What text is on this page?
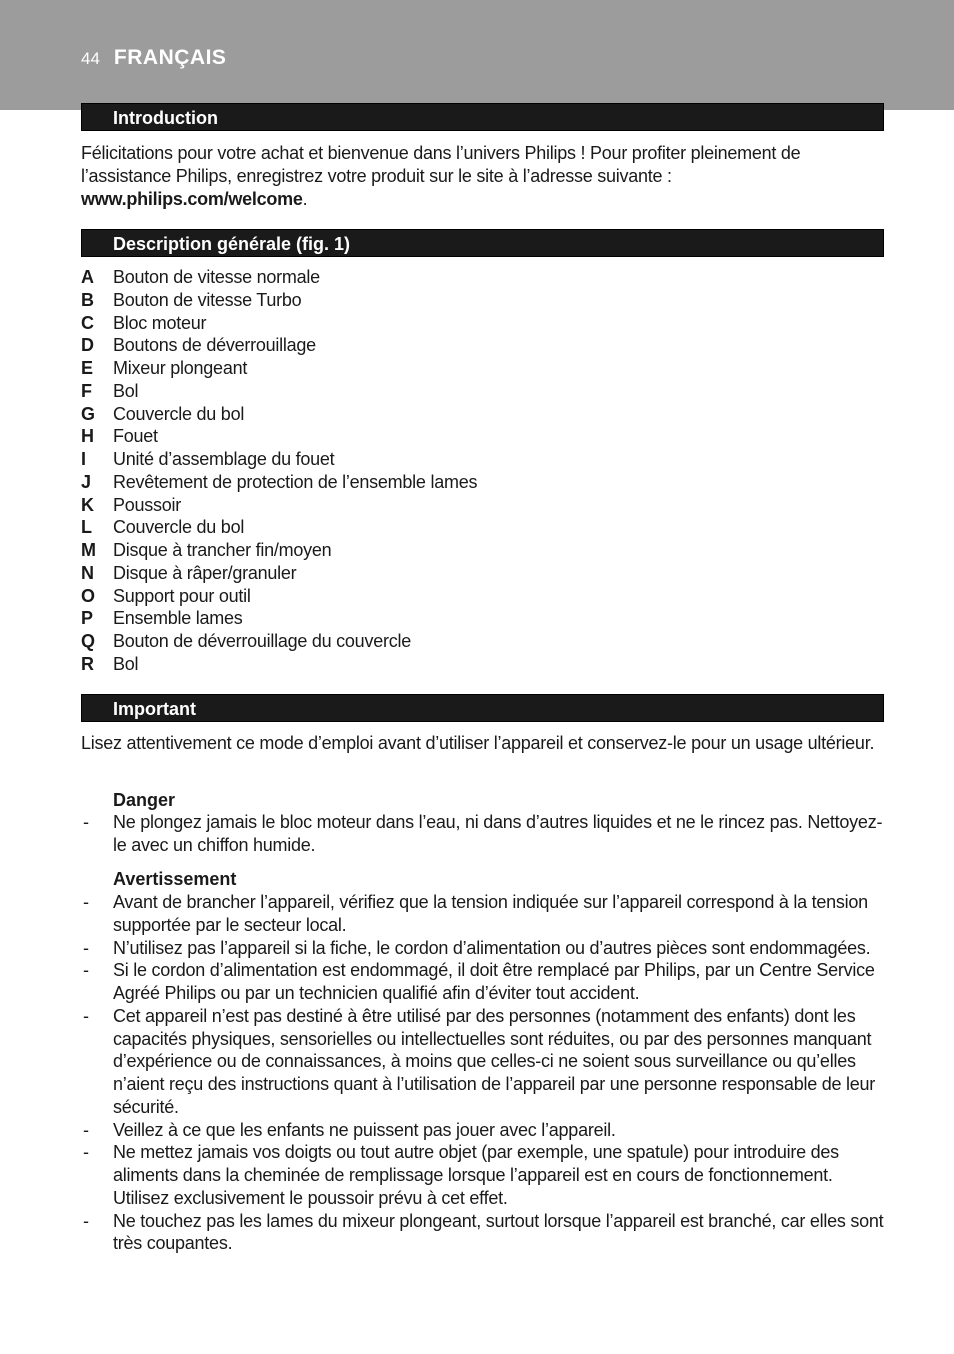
44 FRANÇAIS
Introduction
Félicitations pour votre achat et bienvenue dans l’univers Philips ! Pour profiter pleinement de l’assistance Philips, enregistrez votre produit sur le site à l’adresse suivante : www.philips.com/welcome.
Description générale (fig. 1)
A	Bouton de vitesse normale
B	Bouton de vitesse Turbo
C	Bloc moteur
D	Boutons de déverrouillage
E	Mixeur plongeant
F	Bol
G	Couvercle du bol
H	Fouet
I	Unité d’assemblage du fouet
J	Revêtement de protection de l’ensemble lames
K	Poussoir
L	Couvercle du bol
M Disque à trancher fin/moyen
N	Disque à râper/granuler
O	Support pour outil
P	Ensemble lames
Q	Bouton de déverrouillage du couvercle
R	Bol
Important
Lisez attentivement ce mode d’emploi avant d’utiliser l’appareil et conservez-le pour un usage ultérieur.
Danger
-	Ne plongez jamais le bloc moteur dans l’eau, ni dans d’autres liquides et ne le rincez pas. Nettoyez-le avec un chiffon humide.
Avertissement
-	Avant de brancher l’appareil, vérifiez que la tension indiquée sur l’appareil correspond à la tension supportée par le secteur local.
-	N’utilisez pas l’appareil si la fiche, le cordon d’alimentation ou d’autres pièces sont endommagées.
-	Si le cordon d’alimentation est endommagé, il doit être remplacé par Philips, par un Centre Service Agréé Philips ou par un technicien qualifié afin d’éviter tout accident.
-	Cet appareil n’est pas destiné à être utilisé par des personnes (notamment des enfants) dont les capacités physiques, sensorielles ou intellectuelles sont réduites, ou par des personnes manquant d’expérience ou de connaissances, à moins que celles-ci ne soient sous surveillance ou qu’elles n’aient reçu des instructions quant à l’utilisation de l’appareil par une personne responsable de leur sécurité.
-	Veillez à ce que les enfants ne puissent pas jouer avec l’appareil.
-	Ne mettez jamais vos doigts ou tout autre objet (par exemple, une spatule) pour introduire des aliments dans la cheminée de remplissage lorsque l’appareil est en cours de fonctionnement. Utilisez exclusivement le poussoir prévu à cet effet.
-	Ne touchez pas les lames du mixeur plongeant, surtout lorsque l’appareil est branché, car elles sont très coupantes.
